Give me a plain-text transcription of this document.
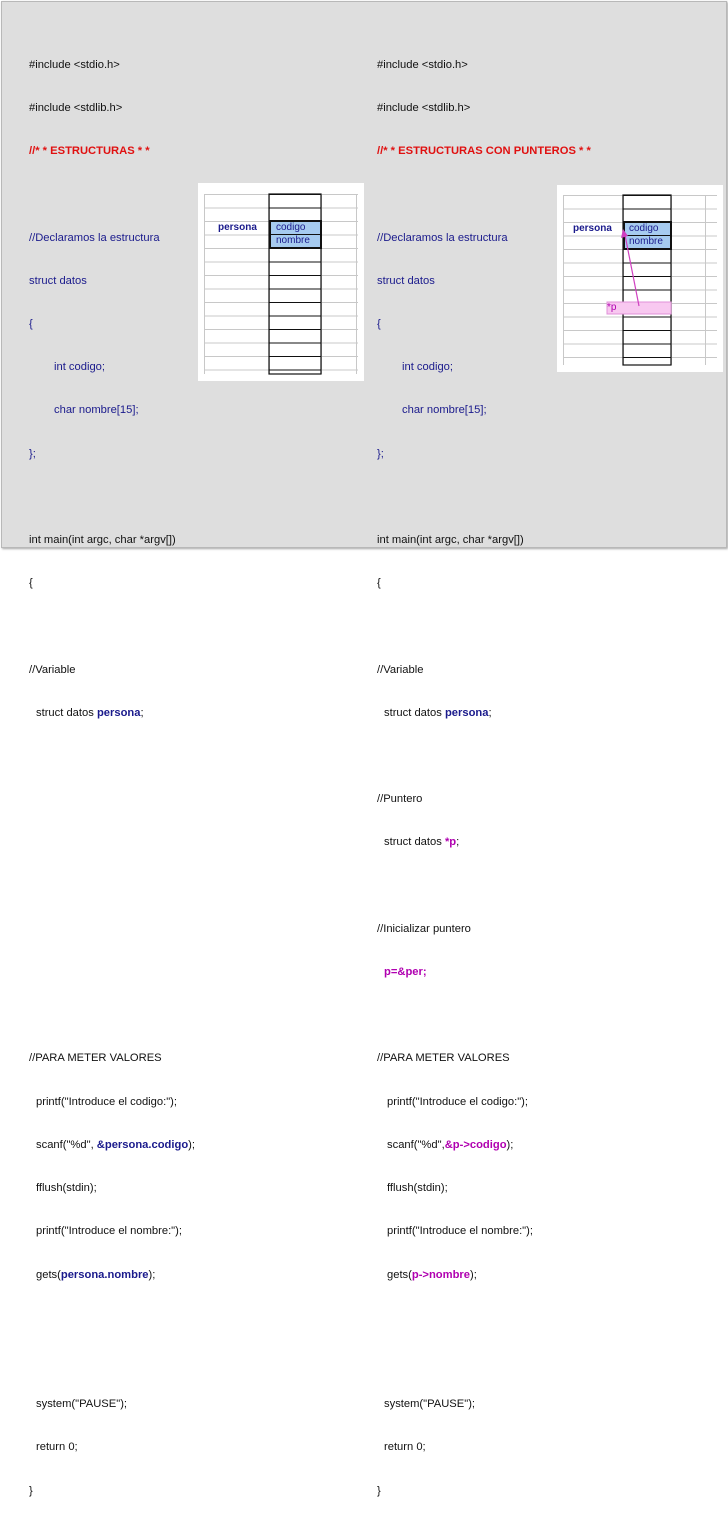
#include <stdio.h>

#include <stdlib.h>

//* * ESTRUCTURAS * *

//Declaramos la estructura

struct datos

{

int codigo;

char nombre[15];

};

int main(int argc, char *argv[])

{

//Variable

struct datos persona;

//PARA METER VALORES

printf("Introduce el codigo:");

scanf("%d", &persona.codigo);

fflush(stdin);

printf("Introduce el nombre:");

gets(persona.nombre);

system("PAUSE");

return 0;

}

#include <stdio.h>

#include <stdlib.h>

//* * ESTRUCTURAS CON PUNTEROS * *

//Declaramos la estructura

struct datos

{

int codigo;

char nombre[15];

};

int main(int argc, char *argv[])

{

//Variable

struct datos persona;

//Puntero

struct datos *p;

//Inicializar puntero

p=&per;

//PARA METER VALORES

printf("Introduce el codigo:");

scanf("%d",&p->codigo);

fflush(stdin);

printf("Introduce el nombre:");

gets(p->nombre);

system("PAUSE");

return 0;

}

persona codigo
nombre
persona codigo
nombre
*p
